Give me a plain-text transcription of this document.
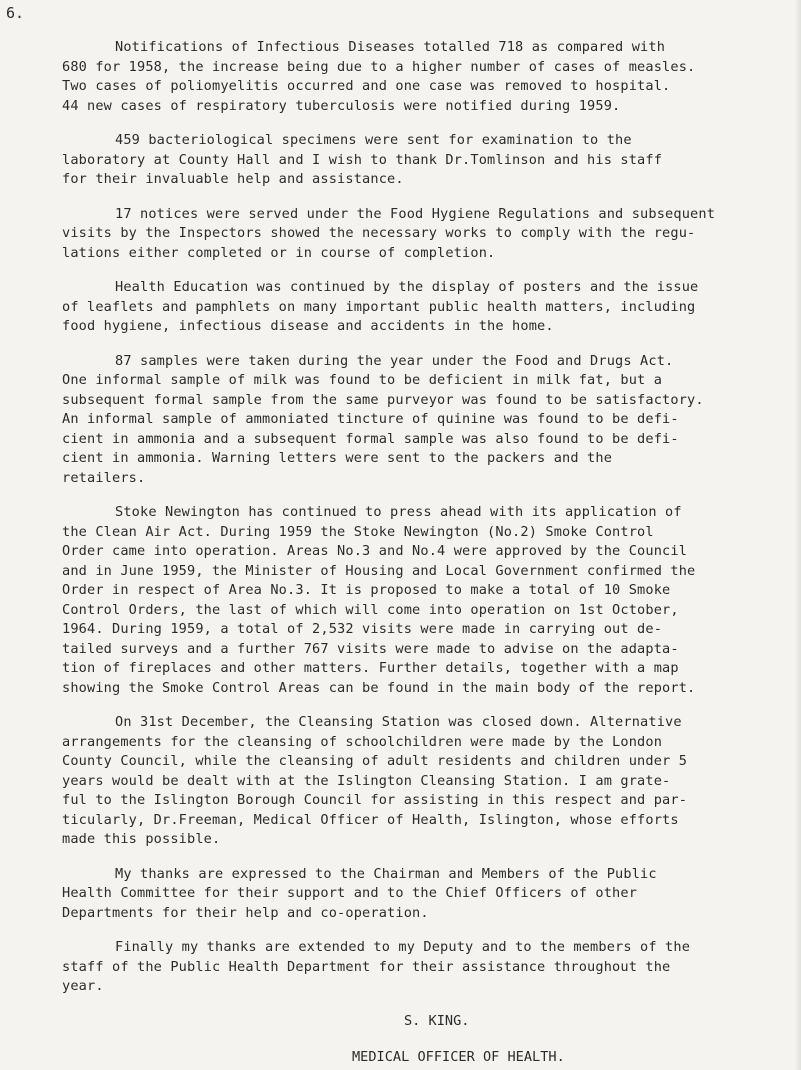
6.

Notifications of Infectious Diseases totalled 718 as compared with
680 for 1958, the increase being due to a higher number of cases of measles.
Two cases of poliomyelitis occurred and one case was removed to hospital.
44 new cases of respiratory tuberculosis were notified during 1959.

459 bacteriological specimens were sent for examination to the
laboratory at County Hall and I wish to thank Dr.Tomlinson and his staff
for their invaluable help and assistance.

17 notices were served under the Food Hygiene Regulations and subsequent
visits by the Inspectors showed the necessary works to comply with the regu-
lations either completed or in course of completion.

Health Education was continued by the display of posters and the issue
of leaflets and pamphlets on many important public health matters, including
food hygiene, infectious disease and accidents in the home.

87 samples were taken during the year under the Food and Drugs Act.
One informal sample of milk was found to be deficient in milk fat, but a
subsequent formal sample from the same purveyor was found to be satisfactory.
An informal sample of ammoniated tincture of quinine was found to be defi-
cient in ammonia and a subsequent formal sample was also found to be defi-
cient in ammonia. Warning letters were sent to the packers and the
retailers.

Stoke Newington has continued to press ahead with its application of
the Clean Air Act. During 1959 the Stoke Newington (No.2) Smoke Control
Order came into operation. Areas No.3 and No.4 were approved by the Council
and in June 1959, the Minister of Housing and Local Government confirmed the
Order in respect of Area No.3. It is proposed to make a total of 10 Smoke
Control Orders, the last of which will come into operation on 1st October,
1964. During 1959, a total of 2,532 visits were made in carrying out de-
tailed surveys and a further 767 visits were made to advise on the adapta-
tion of fireplaces and other matters. Further details, together with a map
showing the Smoke Control Areas can be found in the main body of the report.

On 31st December, the Cleansing Station was closed down. Alternative
arrangements for the cleansing of schoolchildren were made by the London
County Council, while the cleansing of adult residents and children under 5
years would be dealt with at the Islington Cleansing Station. I am grate-
ful to the Islington Borough Council for assisting in this respect and par-
ticularly, Dr.Freeman, Medical Officer of Health, Islington, whose efforts
made this possible.

My thanks are expressed to the Chairman and Members of the Public
Health Committee for their support and to the Chief Officers of other
Departments for their help and co-operation.

Finally my thanks are extended to my Deputy and to the members of the
staff of the Public Health Department for their assistance throughout the
year.

S. KING.
MEDICAL OFFICER OF HEALTH.
